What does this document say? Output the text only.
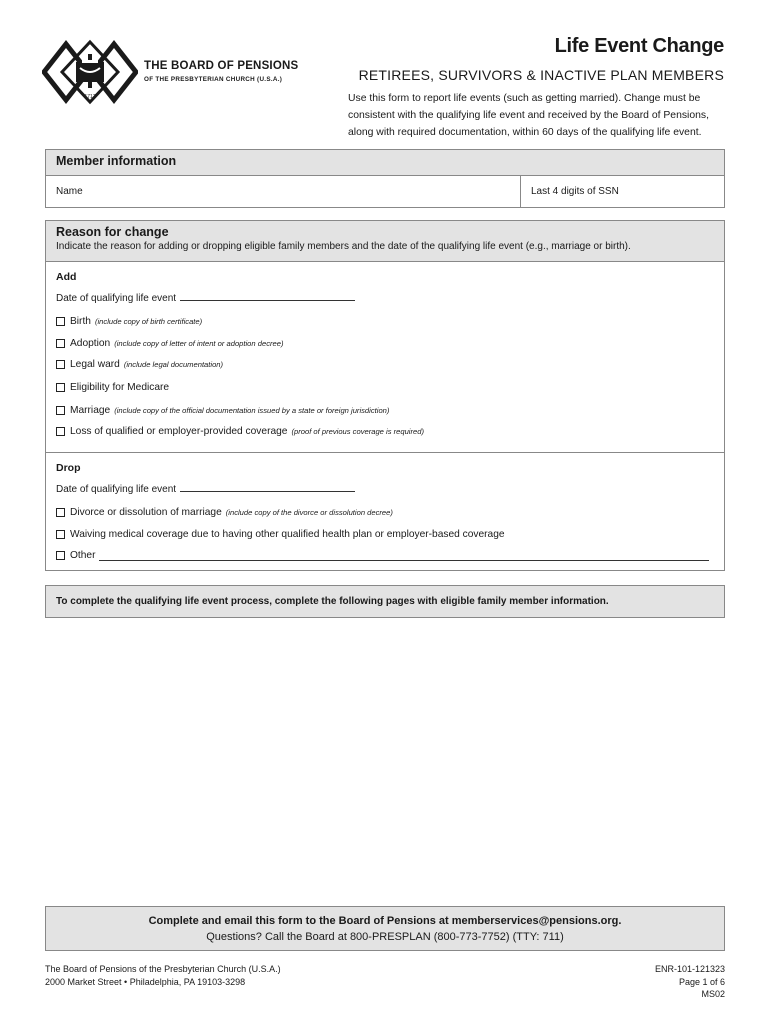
1717
THE BOARD OF PENSIONS
OF THE PRESBYTERIAN CHURCH (U.S.A.)
Life Event Change
RETIREES, SURVIVORS & INACTIVE PLAN MEMBERS
Use this form to report life events (such as getting married). Change must be consistent with the qualifying life event and received by the Board of Pensions, along with required documentation, within 60 days of the qualifying life event.
Member information
Name	Last 4 digits of SSN
Reason for change

Indicate the reason for adding or dropping eligible family members and the date of the qualifying life event (e.g., marriage or birth).

Add
Date of qualifying life event
Birth (include copy of birth certificate)
Adoption (include copy of letter of intent or adoption decree)
Legal ward (include legal documentation)
Eligibility for Medicare
Marriage (include copy of the official documentation issued by a state or foreign jurisdiction)
Loss of qualified or employer-provided coverage (proof of previous coverage is required)
Drop
Date of qualifying life event
Divorce or dissolution of marriage (include copy of the divorce or dissolution decree)
Waiving medical coverage due to having other qualified health plan or employer-based coverage
Other
To complete the qualifying life event process, complete the following pages with eligible family member information.
Complete and email this form to the Board of Pensions at memberservices@pensions.org.
Questions? Call the Board at 800-PRESPLAN (800-773-7752) (TTY: 711)
The Board of Pensions of the Presbyterian Church (U.S.A.)
2000 Market Street • Philadelphia, PA 19103-3298
ENR-101-121323
Page 1 of 6
MS02
